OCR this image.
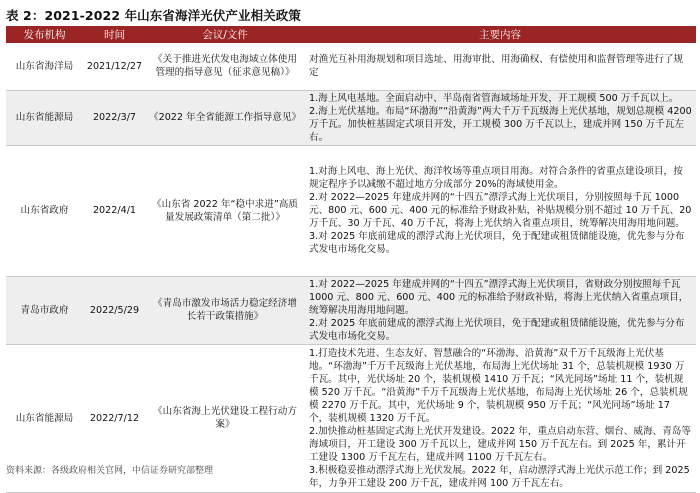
表 2：2021-2022 年山东省海洋光伏产业相关政策
发布机构	时间	会议/文件	主要内容
山东省海洋局	2021/12/27	《关于推进光伏发电海域立体使用管理的指导意见（征求意见稿）》	对渔光互补用海规划和项目选址、用海审批、用海确权、有偿使用和监督管理等进行了规定

山东省能源局	2022/3/7	《2022 年全省能源工作指导意见》	1.海上风电基地。全面启动中、半岛南省管海域场址开发，开工规模 500 万千瓦以上。
2.海上光伏基地。布局“环渤海”“沿黄海”两大千万千瓦级海上光伏基地，规划总规模 4200 万千瓦。加快桩基固定式项目开发，开工规模 300 万千瓦以上，建成并网 150 万千瓦左右。

山东省政府	2022/4/1	《山东省 2022 年“稳中求进”高质量发展政策清单（第二批）》	1.对海上风电、海上光伏、海洋牧场等重点项目用海。对符合条件的省重点建设项目，按规定程序予以减缴不超过地方分成部分 20%的海域使用金。
2.对 2022—2025 年建成并网的“十四五”漂浮式海上光伏项目，分别按照每千瓦 1000 元、800 元、600 元、400 元的标准给予财政补贴，补贴规模分别不超过 10 万千瓦、20 万千瓦、30 万千瓦、40 万千瓦，将海上光伏纳入省重点项目，统筹解决用海用地问题。
3.对 2025 年底前建成的漂浮式海上光伏项目，免于配建或租赁储能设施，优先参与分布式发电市场化交易。

青岛市政府	2022/5/29	《青岛市激发市场活力稳定经济增长若干政策措施》	1.对 2022—2025 年建成并网的“十四五”漂浮式海上光伏项目，省财政分别按照每千瓦 1000 元、800 元、600 元、400 元的标准给予财政补贴，将海上光伏纳入省重点项目，统筹解决用海用地问题。
2.对 2025 年底前建成的漂浮式海上光伏项目，免于配建或租赁储能设施，优先参与分布式发电市场化交易。

山东省能源局	2022/7/12	《山东省海上光伏建设工程行动方案》	1.打造技术先进、生态友好、智慧融合的“环渤海、沿黄海”双千万千瓦级海上光伏基地。“环渤海”千万千瓦级海上光伏基地，布局海上光伏场址 31 个，总装机规模 1930 万千瓦。其中，光伏场址 20 个，装机规模 1410 万千瓦；“风光同场”场址 11 个，装机规模 520 万千瓦。“沿黄海”千万千瓦级海上光伏基地，布局海上光伏场址 26 个，总装机规模 2270 万千瓦。其中，光伏场址 9 个，装机规模 950 万千瓦；“风光同场”场址 17 个，装机规模 1320 万千瓦。
2.加快推动桩基固定式海上光伏开发建设。2022 年，重点启动东营、烟台、威海、青岛等海域项目，开工建设 300 万千瓦以上，建成并网 150 万千瓦左右。到 2025 年，累计开工建设 1300 万千瓦左右，建成并网 1100 万千瓦左右。
3.积极稳妥推动漂浮式海上光伏发展。2022 年，启动漂浮式海上光伏示范工作；到 2025 年，力争开工建设 200 万千瓦，建成并网 100 万千瓦左右。
资料来源：各级政府相关官网，中信证券研究部整理
